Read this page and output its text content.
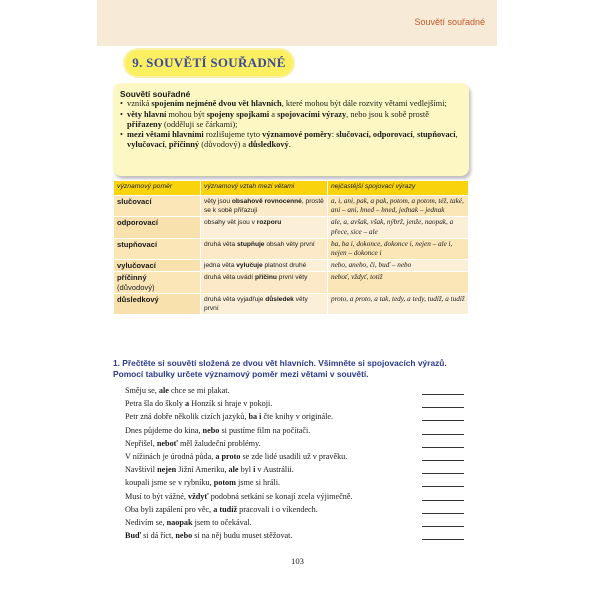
Souvětí souřadné
9. SOUVĚTÍ SOUŘADNÉ
Souvětí souřadné
• vzniká spojením nejméně dvou vět hlavních, které mohou být dále rozvity větami vedlejšími;
• věty hlavní mohou být spojeny spojkami a spojovacími výrazy, nebo jsou k sobě prostě přiřazeny (odděluji se čárkami);
• mezi větami hlavními rozlišujeme tyto významové poměry: slučovací, odporovací, stupňovací, vylučovací, příčinný (důvodový) a důsledkový.
významový poměr	významový vztah mezi větami	nejčastější spojovací výrazy
slučovací	věty jsou obsahově rovnocenné, prostě se k sobě přiřazují	a, i, ani, pak, a pak, potom, a potom, též, také, ani – ani, hned – hned, jednak – jednak
odporovací	obsahy vět jsou v rozporu	ale, a, avšak, však, nýbrž, jenže, naopak, a přece, sice – ale
stupňovací	druhá věta stupňuje obsah věty první	ba, ba i, dokonce, dokonce i, nejen – ale i, nejen – dokonce i
vylučovací	jedna věta vylučuje platnost druhé	nebo, anebo, či, buď – nebo
příčinný
(důvodový)	druhá věta uvádí příčinu první věty	neboť, vždyť, totiž
důsledkový	druhá věta vyjadřuje důsledek věty první	proto, a proto, a tak, tedy, a tedy, tudíž, a tudíž
1. Přečtěte si souvětí složená ze dvou vět hlavních. Všimněte si spojovacích výrazů. Pomocí tabulky určete významový poměr mezi větami v souvětí.
Směju se, ale chce se mi plakat.
Petra šla do školy a Honzík si hraje v pokoji.
Petr zná dobře několik cizích jazyků, ba i čte knihy v originále.
Dnes půjdeme do kina, nebo si pustíme film na počítači.
Nepřišel, neboť měl žaludeční problémy.
V nížinách je úrodná půda, a proto se zde lidé usadili už v pravěku.
Navštívil nejen Jižní Ameriku, ale byl i v Austrálii.
koupali jsme se v rybníku, potom jsme si hráli.
Musí to být vážné, vždyť podobná setkání se konají zcela výjimečně.
Oba byli zapálení pro věc, a tudíž pracovali i o víkendech.
Nedivím se, naopak jsem to očekával.
Buď si dá říct, nebo si na něj budu muset stěžovat.
103
